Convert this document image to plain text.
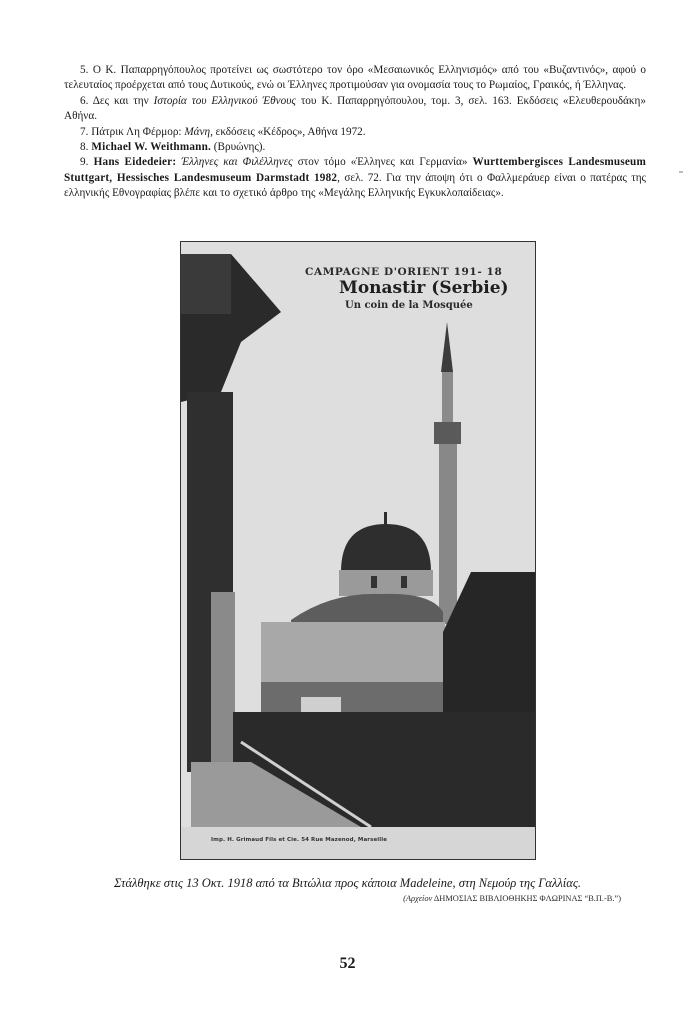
5. Ο Κ. Παπαρρηγόπουλος προτείνει ως σωστότερο τον όρο «Μεσαιωνικός Ελληνισμός» από του «Βυζαντινός», αφού ο τελευταίος προέρχεται από τους Δυτικούς, ενώ οι Έλληνες προτιμούσαν για ονομασία τους το Ρωμαίος, Γραικός, ή Έλληνας.

6. Δες και την Ιστορία του Ελληνικού Έθνους του Κ. Παπαρρηγόπουλου, τομ. 3, σελ. 163. Εκδόσεις «Ελευθερουδάκη» Αθήνα.

7. Πάτρικ Λη Φέρμορ: Μάνη, εκδόσεις «Κέδρος», Αθήνα 1972.

8. Michael W. Weithmann. (Βρυώνης).

9. Hans Eidedeier: Έλληνες και Φιλέλληνες στον τόμο «Έλληνες και Γερμανία» Wurttembergisces Landesmuseum Stuttgart, Hessisches Landesmuseum Darmstadt 1982, σελ. 72. Για την άποψη ότι ο Φαλλμεράυερ είναι ο πατέρας της ελληνικής Εθνογραφίας βλέπε και το σχετικό άρθρο της «Μεγάλης Ελληνικής Εγκυκλοπαίδειας».

CAMPAGNE D'ORIENT 191- 18
Monastir (Serbie)
Un coin de la Mosquée
Imp. H. Grimaud Fils et Cie. 54 Rue Mazenod, Marseille
Στάλθηκε στις 13 Οκτ. 1918 από τα Βιτώλια προς κάποια Madeleine, στη Νεμούρ της Γαλλίας.
(Αρχείον ΔΗΜΟΣΙΑΣ ΒΙΒΛΙΟΘΗΚΗΣ ΦΛΩΡΙΝΑΣ “Β.Π.-Β.”)
52
